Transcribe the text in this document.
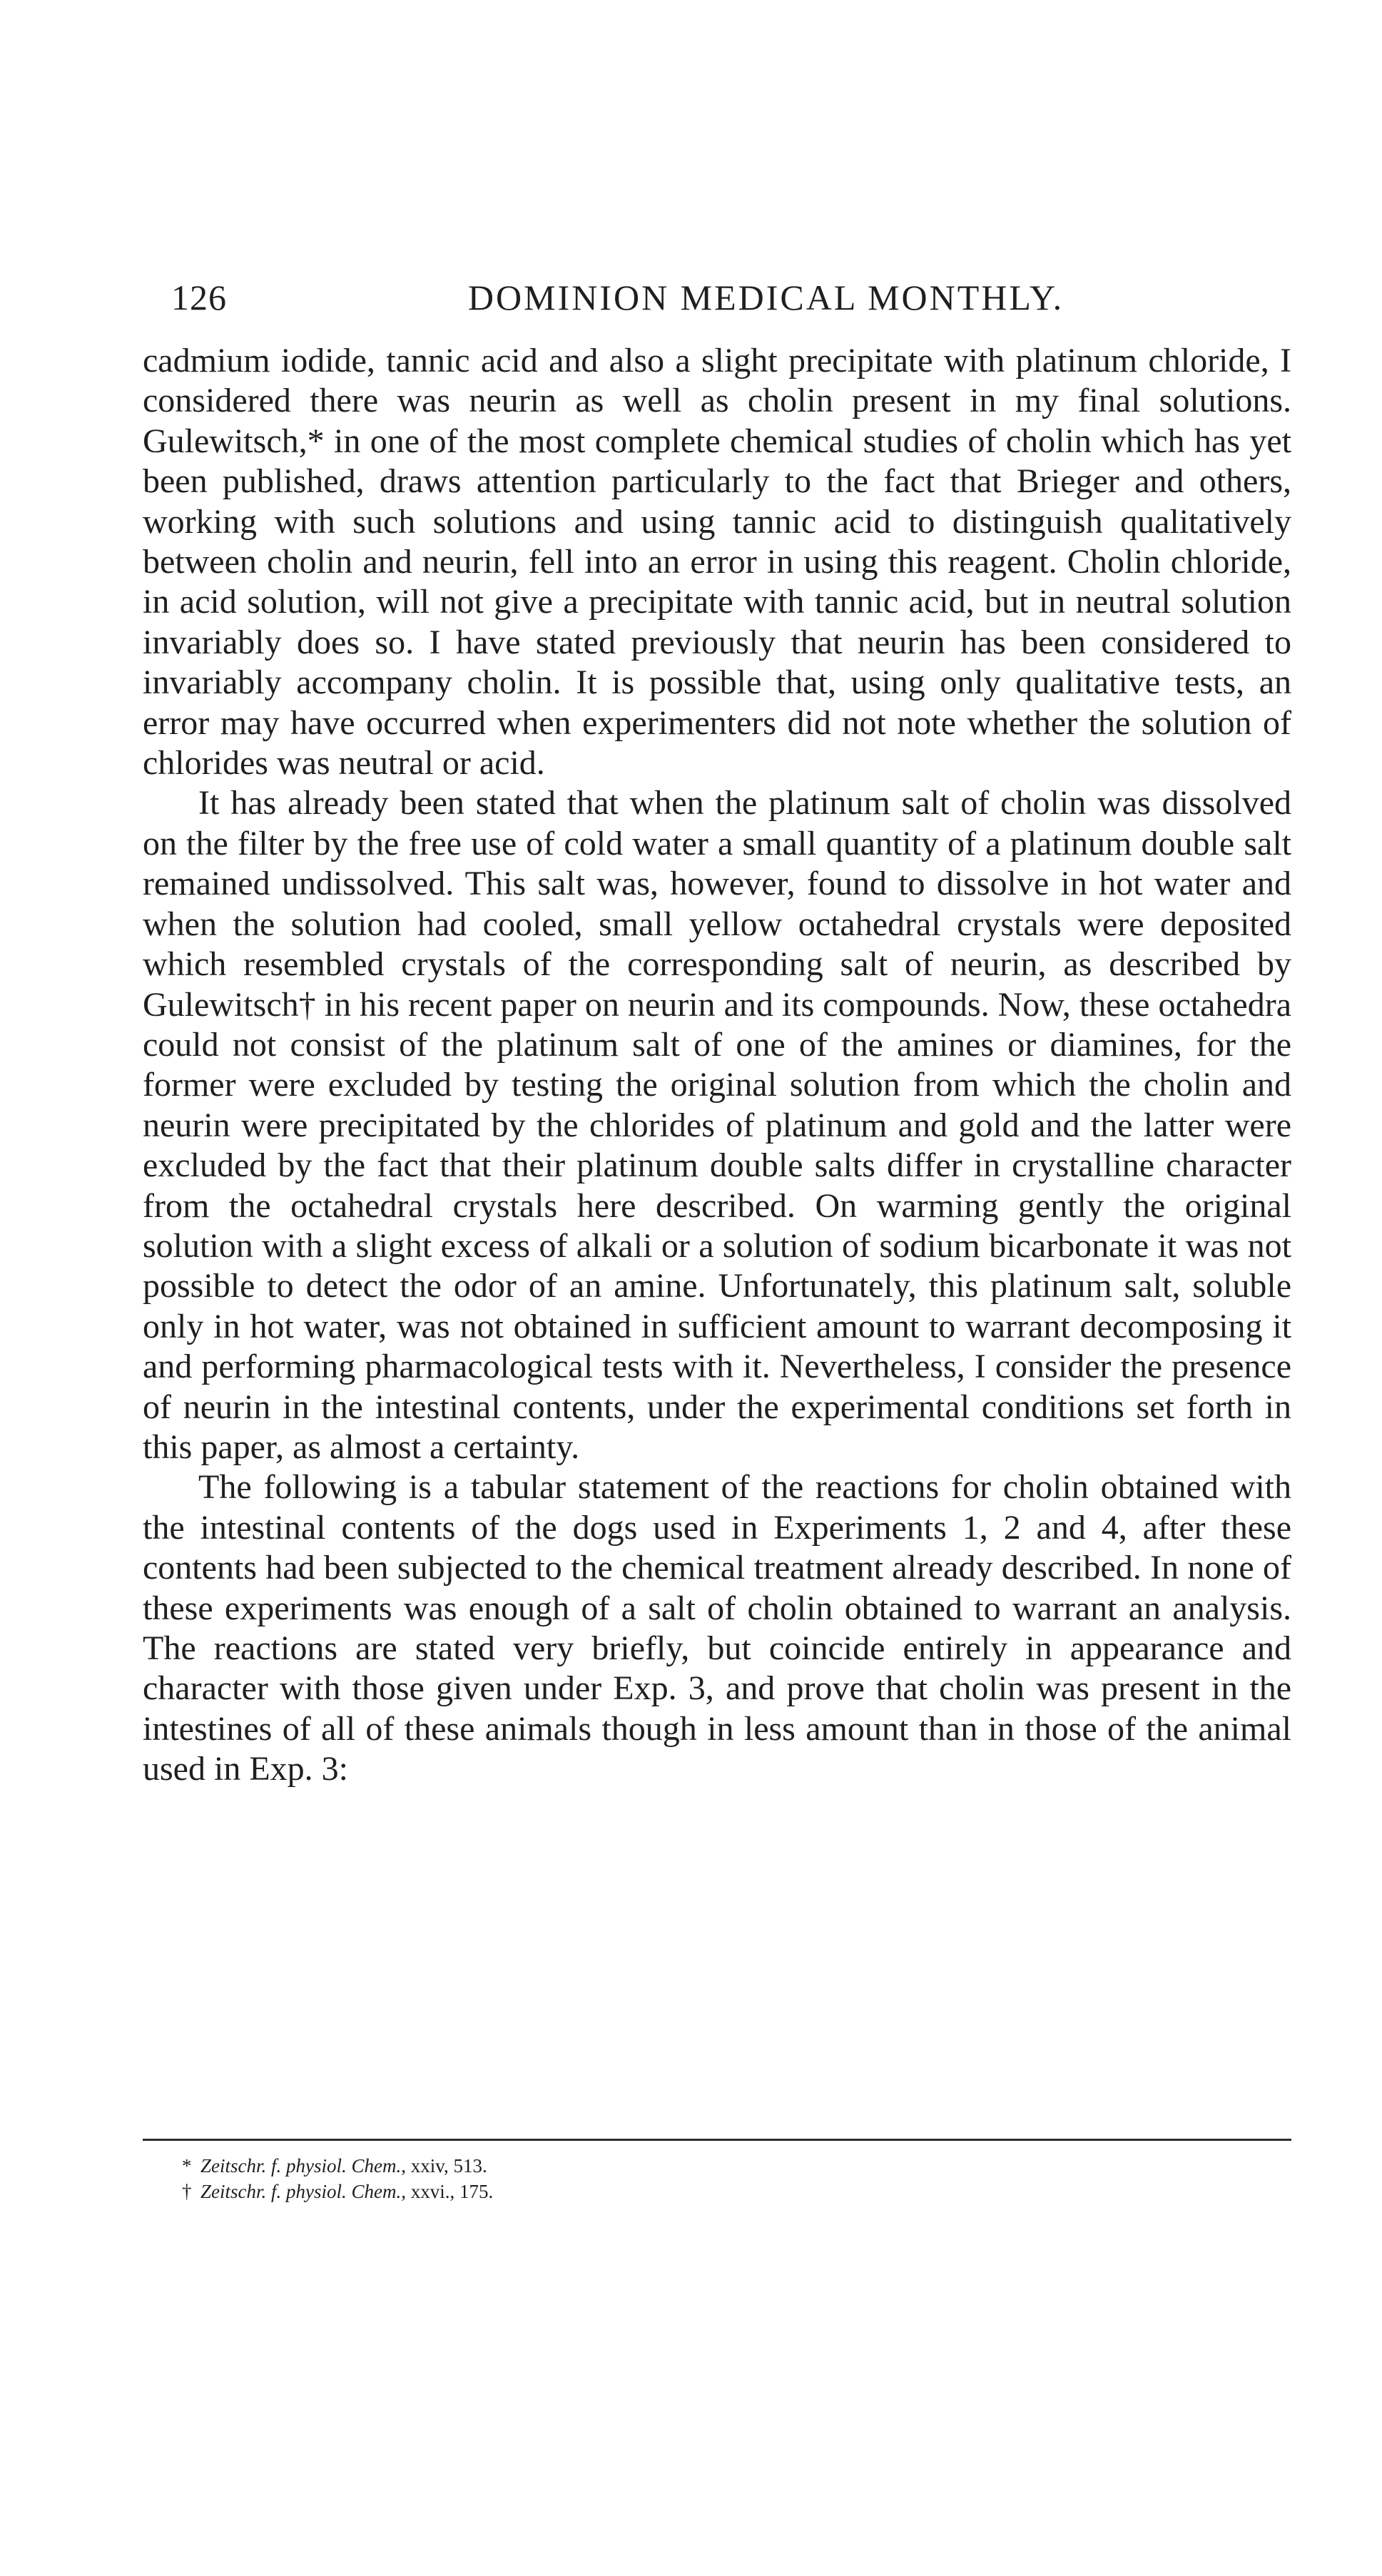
126	DOMINION MEDICAL MONTHLY.

cadmium iodide, tannic acid and also a slight precipitate with platinum chloride, I considered there was neurin as well as cholin present in my final solutions. Gulewitsch,* in one of the most complete chemical studies of cholin which has yet been published, draws attention particularly to the fact that Brieger and others, working with such solutions and using tannic acid to distinguish qualitatively between cholin and neurin, fell into an error in using this reagent. Cholin chloride, in acid solution, will not give a precipitate with tannic acid, but in neutral solution invariably does so. I have stated previously that neurin has been considered to invariably accompany cholin. It is possible that, using only qualitative tests, an error may have occurred when experimenters did not note whether the solution of chlorides was neutral or acid.

It has already been stated that when the platinum salt of cholin was dissolved on the filter by the free use of cold water a small quantity of a platinum double salt remained undissolved. This salt was, however, found to dissolve in hot water and when the solution had cooled, small yellow octahedral crystals were deposited which resembled crystals of the corresponding salt of neurin, as described by Gulewitsch† in his recent paper on neurin and its compounds. Now, these octahedra could not consist of the platinum salt of one of the amines or diamines, for the former were excluded by testing the original solution from which the cholin and neurin were precipitated by the chlorides of platinum and gold and the latter were excluded by the fact that their platinum double salts differ in crystalline character from the octahedral crystals here described. On warming gently the original solution with a slight excess of alkali or a solution of sodium bicarbonate it was not possible to detect the odor of an amine. Unfortunately, this platinum salt, soluble only in hot water, was not obtained in sufficient amount to warrant decomposing it and performing pharmacological tests with it. Nevertheless, I consider the presence of neurin in the intestinal contents, under the experimental conditions set forth in this paper, as almost a certainty.

The following is a tabular statement of the reactions for cholin obtained with the intestinal contents of the dogs used in Experiments 1, 2 and 4, after these contents had been subjected to the chemical treatment already described. In none of these experiments was enough of a salt of cholin obtained to warrant an analysis. The reactions are stated very briefly, but coincide entirely in appearance and character with those given under Exp. 3, and prove that cholin was present in the intestines of all of these animals though in less amount than in those of the animal used in Exp. 3:

* Zeitschr. f. physiol. Chem., xxiv, 513.
† Zeitschr. f. physiol. Chem., xxvi., 175.
